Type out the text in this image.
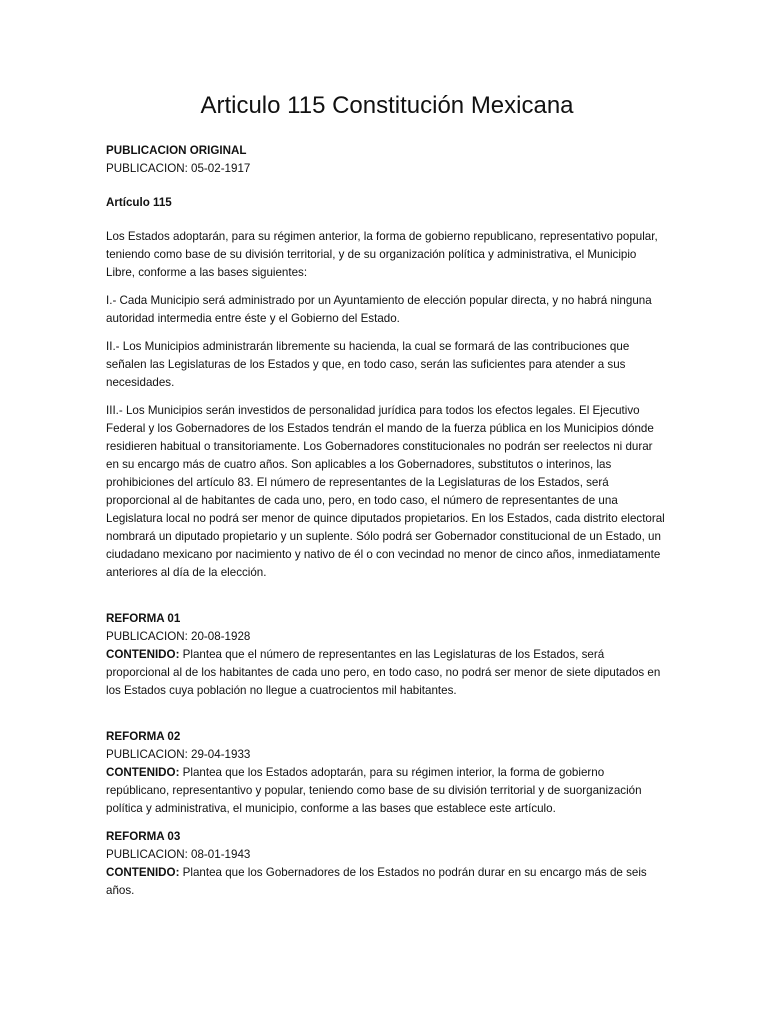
Articulo 115 Constitución Mexicana

PUBLICACION ORIGINAL

PUBLICACION: 05-02-1917

Artículo 115

Los Estados adoptarán, para su régimen anterior, la forma de gobierno republicano, representativo popular, teniendo como base de su división territorial, y de su organización política y administrativa, el Municipio Libre, conforme a las bases siguientes:

I.- Cada Municipio será administrado por un Ayuntamiento de elección popular directa, y no habrá ninguna autoridad intermedia entre éste y el Gobierno del Estado.

II.- Los Municipios administrarán libremente su hacienda, la cual se formará de las contribuciones que señalen las Legislaturas de los Estados y que, en todo caso, serán las suficientes para atender a sus necesidades.

III.- Los Municipios serán investidos de personalidad jurídica para todos los efectos legales. El Ejecutivo Federal y los Gobernadores de los Estados tendrán el mando de la fuerza pública en los Municipios dónde residieren habitual o transitoriamente. Los Gobernadores constitucionales no podrán ser reelectos ni durar en su encargo más de cuatro años. Son aplicables a los Gobernadores, substitutos o interinos, las prohibiciones del artículo 83. El número de representantes de la Legislaturas de los Estados, será proporcional al de habitantes de cada uno, pero, en todo caso, el número de representantes de una Legislatura local no podrá ser menor de quince diputados propietarios. En los Estados, cada distrito electoral nombrará un diputado propietario y un suplente. Sólo podrá ser Gobernador constitucional de un Estado, un ciudadano mexicano por nacimiento y nativo de él o con vecindad no menor de cinco años, inmediatamente anteriores al día de la elección.

REFORMA 01

PUBLICACION: 20-08-1928

CONTENIDO: Plantea que el número de representantes en las Legislaturas de los Estados, será proporcional al de los habitantes de cada uno pero, en todo caso, no podrá ser menor de siete diputados en los Estados cuya población no llegue a cuatrocientos mil habitantes.

REFORMA 02

PUBLICACION: 29-04-1933

CONTENIDO: Plantea que los Estados adoptarán, para su régimen interior, la forma de gobierno repúblicano, representantivo y popular, teniendo como base de su división territorial y de suorganización política y administrativa, el municipio, conforme a las bases que establece este artículo.

REFORMA 03

PUBLICACION: 08-01-1943

CONTENIDO: Plantea que los Gobernadores de los Estados no podrán durar en su encargo más de seis años.
